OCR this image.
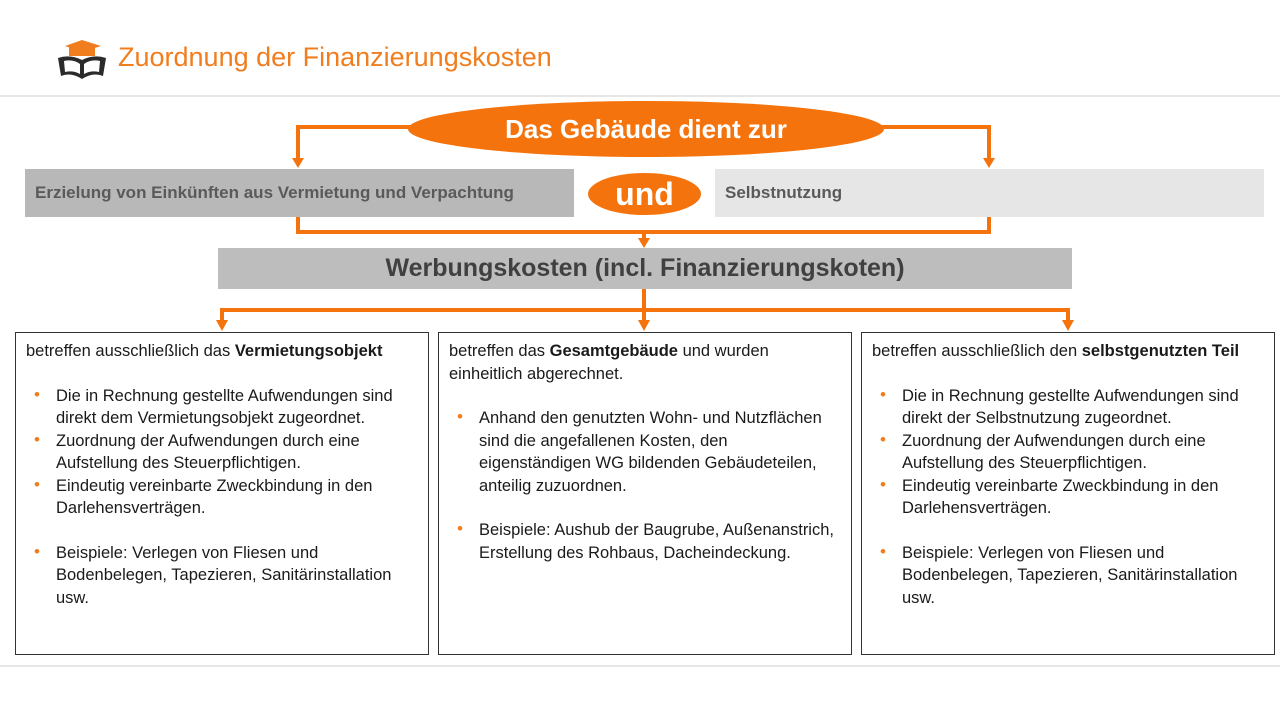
Zuordnung der Finanzierungskosten
Das Gebäude dient zur
Erzielung von Einkünften aus Vermietung und Verpachtung	und	Selbstnutzung
Werbungskosten (incl. Finanzierungskoten)

betreffen ausschließlich das Vermietungsobjekt

• Die in Rechnung gestellte Aufwendungen sind direkt dem Vermietungsobjekt zugeordnet.
• Zuordnung der Aufwendungen durch eine Aufstellung des Steuerpflichtigen.
• Eindeutig vereinbarte Zweckbindung in den Darlehensverträgen.
• Beispiele: Verlegen von Fliesen und Bodenbelegen, Tapezieren, Sanitärinstallation usw.

betreffen das Gesamtgebäude und wurden einheitlich abgerechnet.

• Anhand den genutzten Wohn- und Nutzflächen sind die angefallenen Kosten, den eigenständigen WG bildenden Gebäudeteilen, anteilig zuzuordnen.
• Beispiele: Aushub der Baugrube, Außenanstrich, Erstellung des Rohbaus, Dacheindeckung.

betreffen ausschließlich den selbstgenutzten Teil

• Die in Rechnung gestellte Aufwendungen sind direkt der Selbstnutzung zugeordnet.
• Zuordnung der Aufwendungen durch eine Aufstellung des Steuerpflichtigen.
• Eindeutig vereinbarte Zweckbindung in den Darlehensverträgen.
• Beispiele: Verlegen von Fliesen und Bodenbelegen, Tapezieren, Sanitärinstallation usw.
